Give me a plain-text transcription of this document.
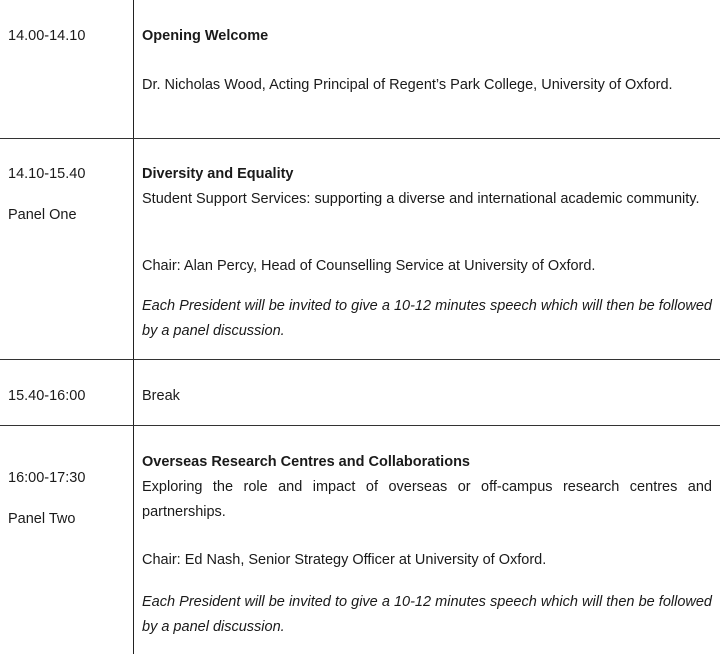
14.00-14.10	Opening Welcome
Dr. Nicholas Wood, Acting Principal of Regent’s Park College, University of Oxford.
14.10-15.40
Panel One
Diversity and Equality
Student Support Services: supporting a diverse and international academic community.
Chair: Alan Percy, Head of Counselling Service at University of Oxford.
Each President will be invited to give a 10-12 minutes speech which will then be followed by a panel discussion.
15.40-16:00	Break
16:00-17:30
Panel Two
Overseas Research Centres and Collaborations
Exploring the role and impact of overseas or off-campus research centres and partnerships.
Chair: Ed Nash, Senior Strategy Officer at University of Oxford.
Each President will be invited to give a 10-12 minutes speech which will then be followed by a panel discussion.
